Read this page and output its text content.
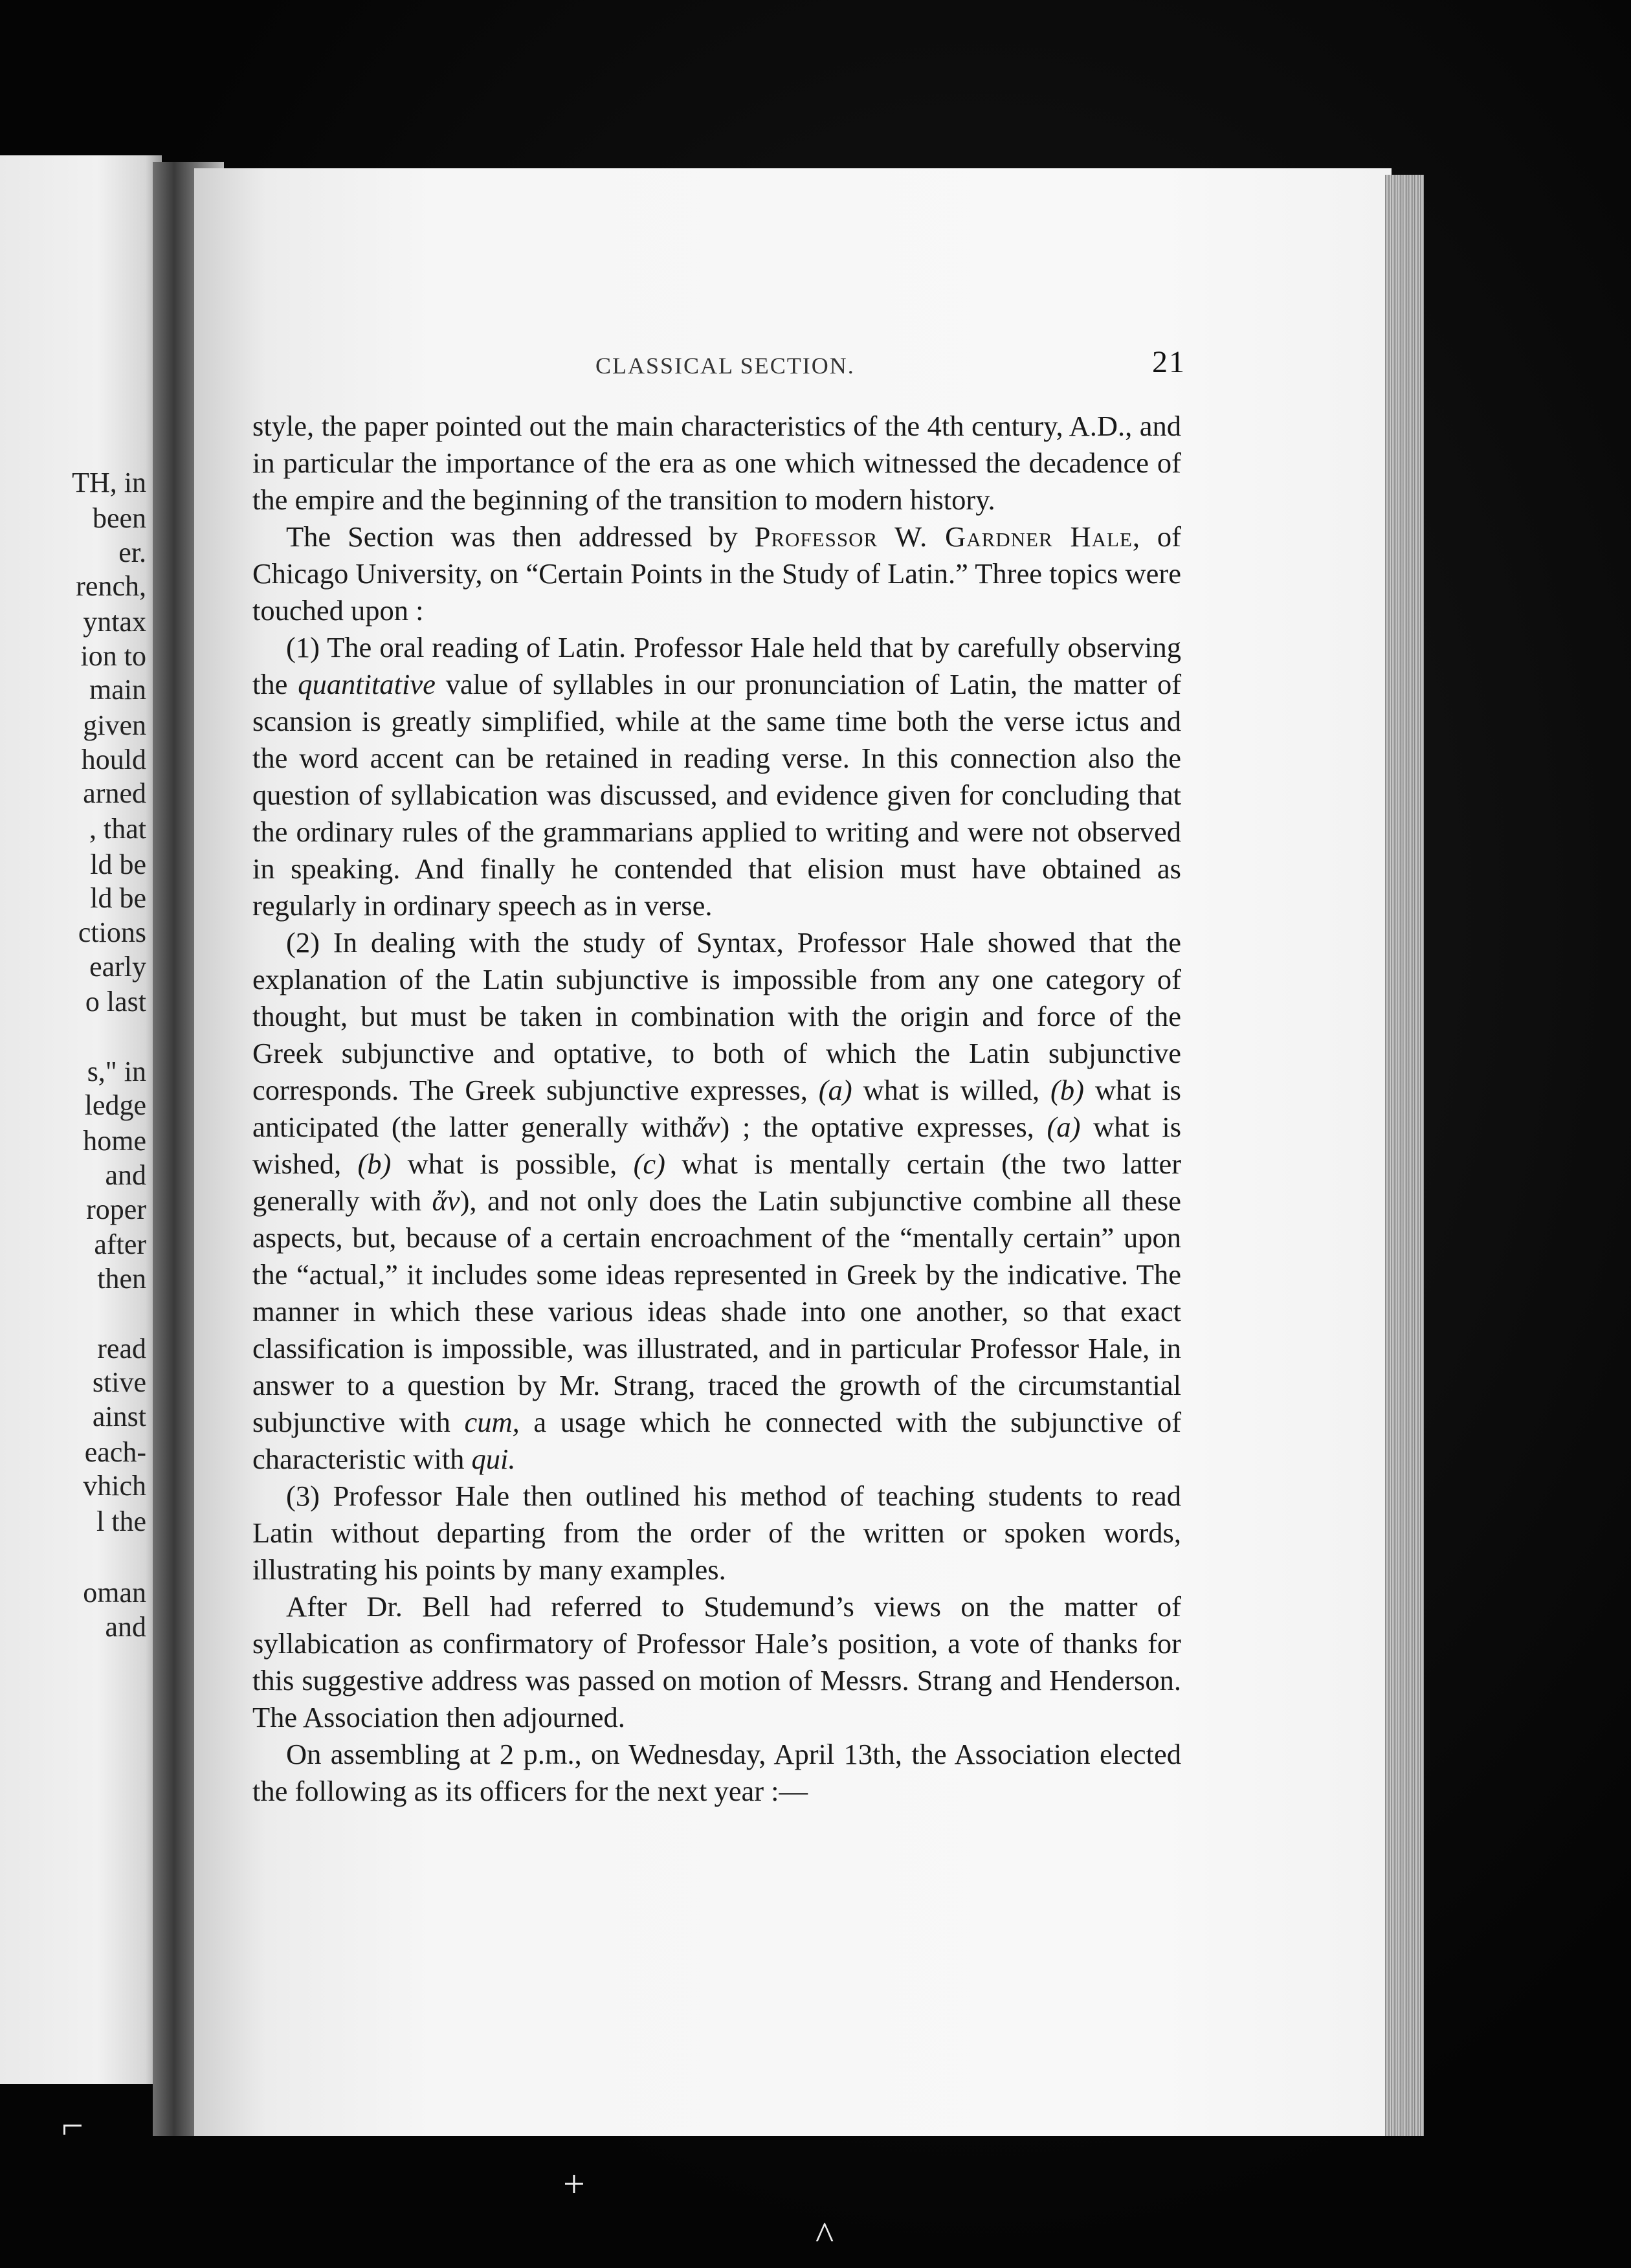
TH, in
been
er.
rench,
yntax
ion to
main
given
hould
arned
, that
ld be
ld be
ctions
early
o last
s," in
ledge
home
and
roper
after
then
read
stive
ainst
each-
vhich
l the
oman
and
CLASSICAL SECTION.	21

style, the paper pointed out the main characteristics of the 4th century, A.D., and in particular the importance of the era as one which witnessed the decadence of the empire and the beginning of the transition to modern history.

The Section was then addressed by Professor W. Gardner Hale, of Chicago University, on “Certain Points in the Study of Latin.” Three topics were touched upon :

(1) The oral reading of Latin. Professor Hale held that by carefully observing the quantitative value of syllables in our pronunciation of Latin, the matter of scansion is greatly simplified, while at the same time both the verse ictus and the word accent can be retained in reading verse. In this connection also the question of syllabication was discussed, and evidence given for concluding that the ordinary rules of the grammarians applied to writing and were not observed in speaking. And finally he contended that elision must have obtained as regularly in ordinary speech as in verse.

(2) In dealing with the study of Syntax, Professor Hale showed that the explanation of the Latin subjunctive is impossible from any one category of thought, but must be taken in combination with the origin and force of the Greek subjunctive and optative, to both of which the Latin subjunctive corresponds. The Greek subjunctive expresses, (a) what is willed, (b) what is anticipated (the latter generally withἄν) ; the optative expresses, (a) what is wished, (b) what is possible, (c) what is mentally certain (the two latter generally with ἄν), and not only does the Latin subjunctive combine all these aspects, but, because of a certain encroachment of the “mentally certain” upon the “actual,” it includes some ideas represented in Greek by the indicative. The manner in which these various ideas shade into one another, so that exact classification is impossible, was illustrated, and in particular Professor Hale, in answer to a question by Mr. Strang, traced the growth of the circumstantial subjunctive with cum, a usage which he connected with the subjunctive of characteristic with qui.

(3) Professor Hale then outlined his method of teaching students to read Latin without departing from the order of the written or spoken words, illustrating his points by many examples.

After Dr. Bell had referred to Studemund’s views on the matter of syllabication as confirmatory of Professor Hale’s position, a vote of thanks for this suggestive address was passed on motion of Messrs. Strang and Henderson. The Association then adjourned.

On assembling at 2 p.m., on Wednesday, April 13th, the Association elected the following as its officers for the next year :—

⌐
+
^
